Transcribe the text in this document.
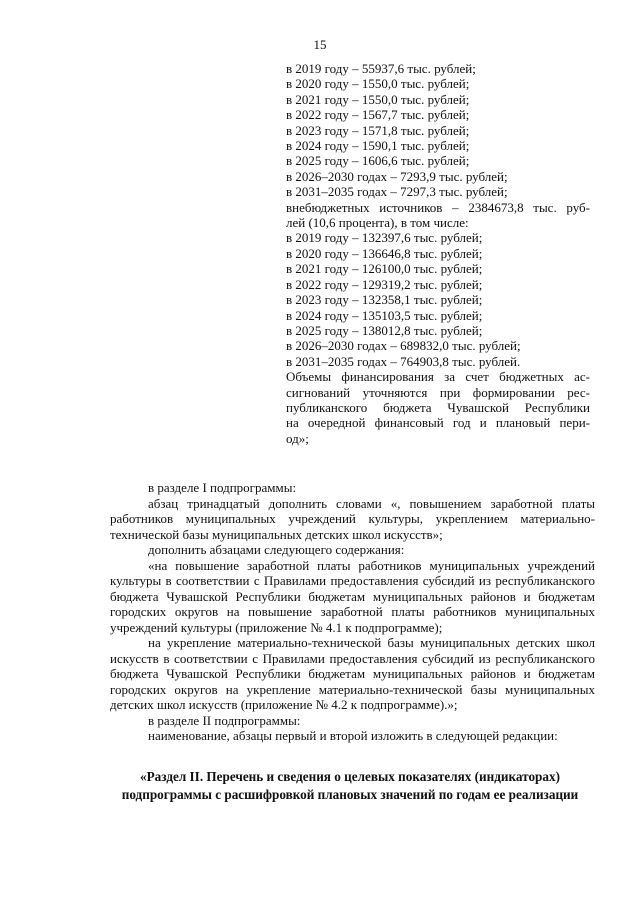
15
в 2019 году – 55937,6 тыс. рублей;
в 2020 году – 1550,0 тыс. рублей;
в 2021 году – 1550,0 тыс. рублей;
в 2022 году – 1567,7 тыс. рублей;
в 2023 году – 1571,8 тыс. рублей;
в 2024 году – 1590,1 тыс. рублей;
в 2025 году – 1606,6 тыс. рублей;
в 2026–2030 годах – 7293,9 тыс. рублей;
в 2031–2035 годах – 7297,3 тыс. рублей;
внебюджетных источников – 2384673,8 тыс. руб-
лей (10,6 процента), в том числе:
в 2019 году – 132397,6 тыс. рублей;
в 2020 году – 136646,8 тыс. рублей;
в 2021 году – 126100,0 тыс. рублей;
в 2022 году – 129319,2 тыс. рублей;
в 2023 году – 132358,1 тыс. рублей;
в 2024 году – 135103,5 тыс. рублей;
в 2025 году – 138012,8 тыс. рублей;
в 2026–2030 годах – 689832,0 тыс. рублей;
в 2031–2035 годах – 764903,8 тыс. рублей.
Объемы финансирования за счет бюджетных ас-
сигнований уточняются при формировании рес-
публиканского бюджета Чувашской Республики
на очередной финансовый год и плановый пери-
од»;

в разделе I подпрограммы:

абзац тринадцатый дополнить словами «, повышением заработной платы работников муниципальных учреждений культуры, укреплением материально-технической базы муниципальных детских школ искусств»;

дополнить абзацами следующего содержания:

«на повышение заработной платы работников муниципальных учреждений культуры в соответствии с Правилами предоставления субсидий из республиканского бюджета Чувашской Республики бюджетам муниципальных районов и бюджетам городских округов на повышение заработной платы работников муниципальных учреждений культуры (приложение № 4.1 к подпрограмме);

на укрепление материально-технической базы муниципальных детских школ искусств в соответствии с Правилами предоставления субсидий из республиканского бюджета Чувашской Республики бюджетам муниципальных районов и бюджетам городских округов на укрепление материально-технической базы муниципальных детских школ искусств (приложение № 4.2 к подпрограмме).»;

в разделе II подпрограммы:

наименование, абзацы первый и второй изложить в следующей редакции:

«Раздел II. Перечень и сведения о целевых показателях (индикаторах)
подпрограммы с расшифровкой плановых значений по годам ее реализации
